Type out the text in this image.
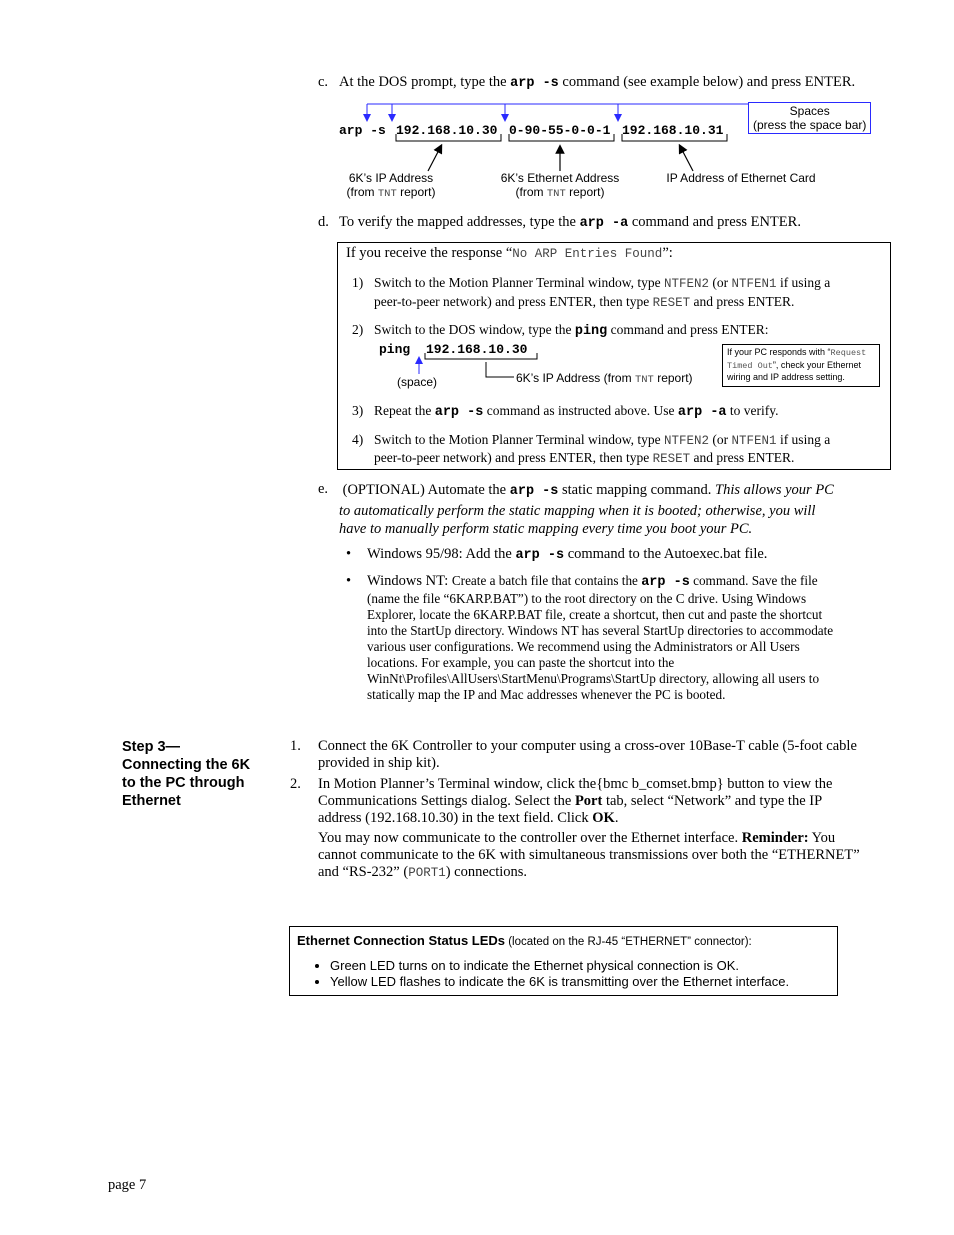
c. At the DOS prompt, type the arp -s command (see example below) and press ENTER.
arp -s 192.168.10.30 0-90-55-0-0-1 192.168.10.31
Spaces
(press the space bar)
6K’s IP Address
(from TNT report)
6K’s Ethernet Address
(from TNT report)
IP Address of Ethernet Card
d. To verify the mapped addresses, type the arp -a command and press ENTER.
If you receive the response “No ARP Entries Found”:
1) Switch to the Motion Planner Terminal window, type NTFEN2 (or NTFEN1 if using a
peer-to-peer network) and press ENTER, then type RESET and press ENTER.
2) Switch to the DOS window, type the ping command and press ENTER:
ping 192.168.10.30
(space)	6K’s IP Address (from TNT report)
If your PC responds with “Request Timed Out”, check your Ethernet wiring and IP address setting.
3) Repeat the arp -s command as instructed above. Use arp -a to verify.
4) Switch to the Motion Planner Terminal window, type NTFEN2 (or NTFEN1 if using a
peer-to-peer network) and press ENTER, then type RESET and press ENTER.
e. (OPTIONAL) Automate the arp -s static mapping command. This allows your PC
to automatically perform the static mapping when it is booted; otherwise, you will
have to manually perform static mapping every time you boot your PC.
• Windows 95/98: Add the arp -s command to the Autoexec.bat file.
• Windows NT: Create a batch file that contains the arp -s command. Save the file
(name the file “6KARP.BAT”) to the root directory on the C drive. Using Windows
Explorer, locate the 6KARP.BAT file, create a shortcut, then cut and paste the shortcut
into the StartUp directory. Windows NT has several StartUp directories to accommodate
various user configurations. We recommend using the Administrators or All Users
locations. For example, you can paste the shortcut into the
WinNt\Profiles\AllUsers\StartMenu\Programs\StartUp directory, allowing all users to
statically map the IP and Mac addresses whenever the PC is booted.
Step 3—
Connecting the 6K
to the PC through
Ethernet
1. Connect the 6K Controller to your computer using a cross-over 10Base-T cable (5-foot cable
provided in ship kit).
2. In Motion Planner’s Terminal window, click the{bmc b_comset.bmp} button to view the
Communications Settings dialog. Select the Port tab, select “Network” and type the IP
address (192.168.10.30) in the text field. Click OK.
You may now communicate to the controller over the Ethernet interface. Reminder: You
cannot communicate to the 6K with simultaneous transmissions over both the “ETHERNET”
and “RS-232” (PORT1) connections.
Ethernet Connection Status LEDs (located on the RJ-45 “ETHERNET” connector):
• Green LED turns on to indicate the Ethernet physical connection is OK.
• Yellow LED flashes to indicate the 6K is transmitting over the Ethernet interface.
page 7
